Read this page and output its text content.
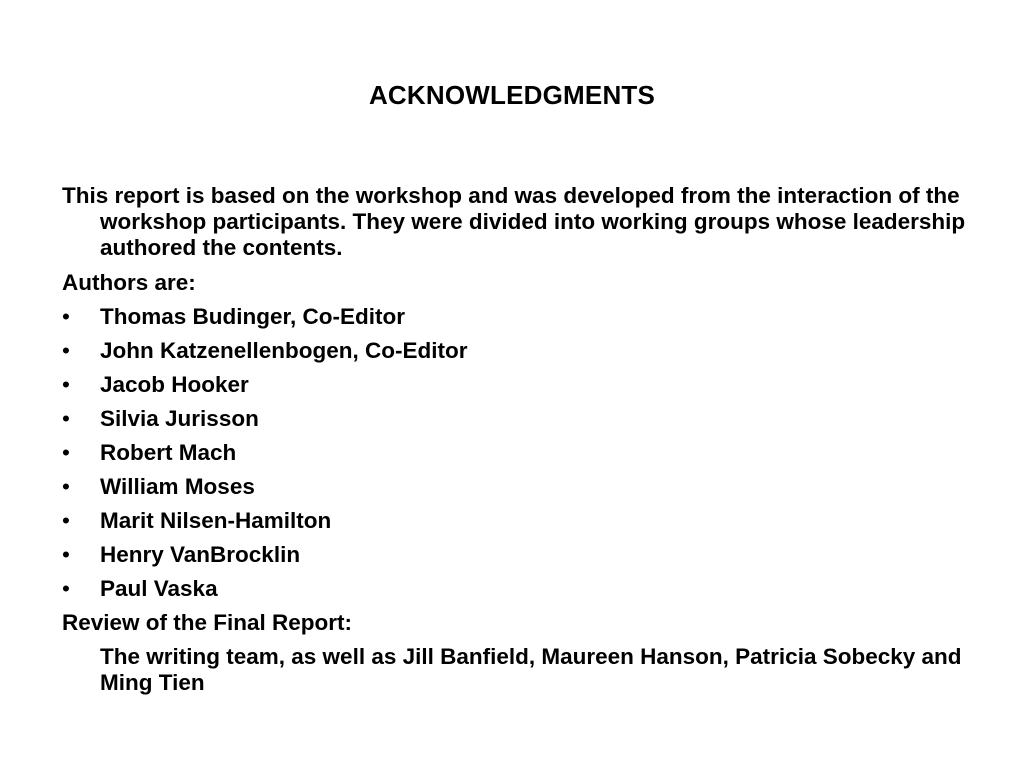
ACKNOWLEDGMENTS

This report is based on the workshop and was developed from the interaction of the workshop participants. They were divided into working groups whose leadership authored the contents.

Authors are:

•	Thomas Budinger, Co-Editor
•	John Katzenellenbogen, Co-Editor
•	Jacob Hooker
•	Silvia Jurisson
•	Robert Mach
•	William Moses
•	Marit Nilsen-Hamilton
•	Henry VanBrocklin
•	Paul Vaska

Review of the Final Report:

The writing team, as well as Jill Banfield, Maureen Hanson, Patricia Sobecky and Ming Tien
